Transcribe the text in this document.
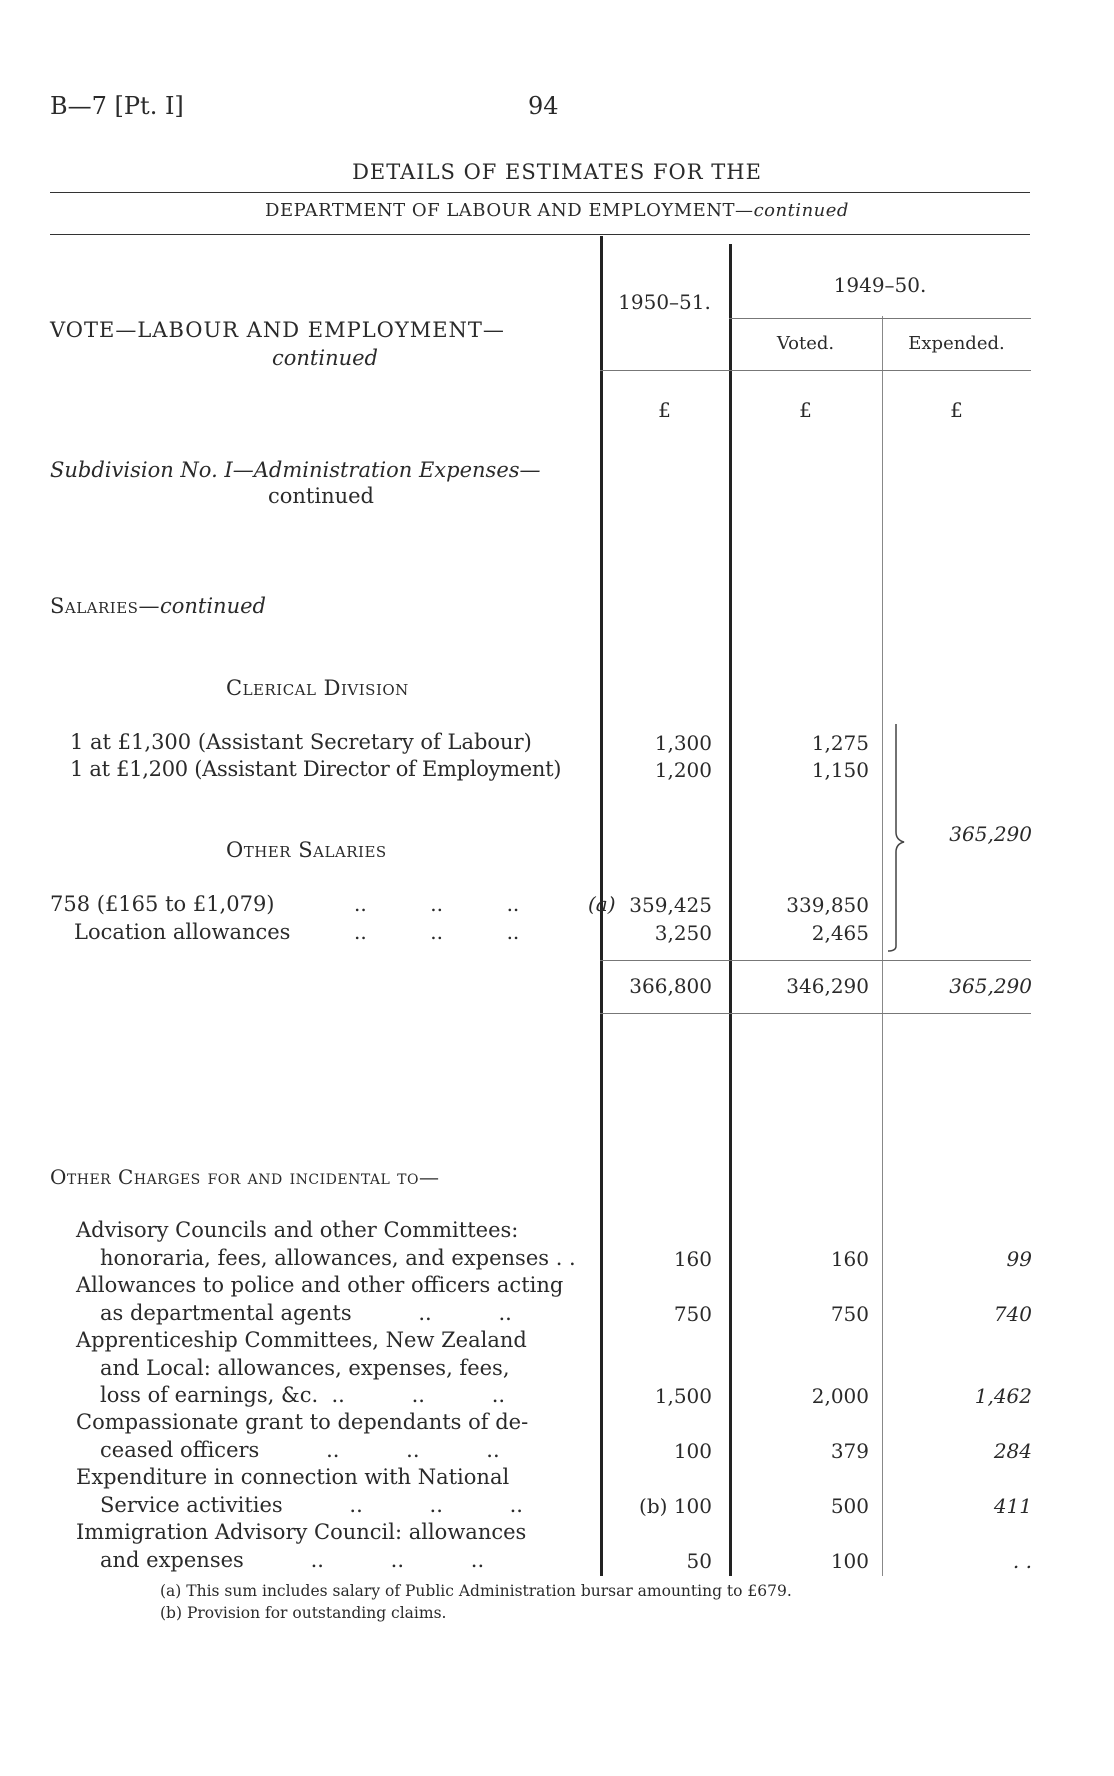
B—7 [Pt. I]	94
DETAILS OF ESTIMATES FOR THE
DEPARTMENT OF LABOUR AND EMPLOYMENT—continued
1950–51.
1949–50.
Voted.	Expended.
£	£	£
VOTE—LABOUR AND EMPLOYMENT—
continued
Subdivision No. I—Administration Expenses—
continued
Salaries—continued
Clerical Division
1 at £1,300 (Assistant Secretary of Labour)	1,300	1,275
1 at £1,200 (Assistant Director of Employment)	1,200	1,150
Other Salaries
758 (£165 to £1,079)	..          ..          ..	(a) 359,425	339,850
Location allowances	..          ..          ..	3,250	2,465
365,290
366,800	346,290	365,290
Other Charges for and incidental to—
Advisory Councils and other Committees:
honoraria, fees, allowances, and expenses . .	160	160	99
Allowances to police and other officers acting
as departmental agents          ..          ..	750	750	740
Apprenticeship Committees, New Zealand
and Local: allowances, expenses, fees,
loss of earnings, &c.  ..          ..          ..	1,500	2,000	1,462
Compassionate grant to dependants of de-
ceased officers          ..          ..          ..	100	379	284
Expenditure in connection with National
Service activities          ..          ..          ..	(b) 100	500	411
Immigration Advisory Council: allowances
and expenses          ..          ..          ..	50	100	. .
(a) This sum includes salary of Public Administration bursar amounting to £679.
(b) Provision for outstanding claims.
